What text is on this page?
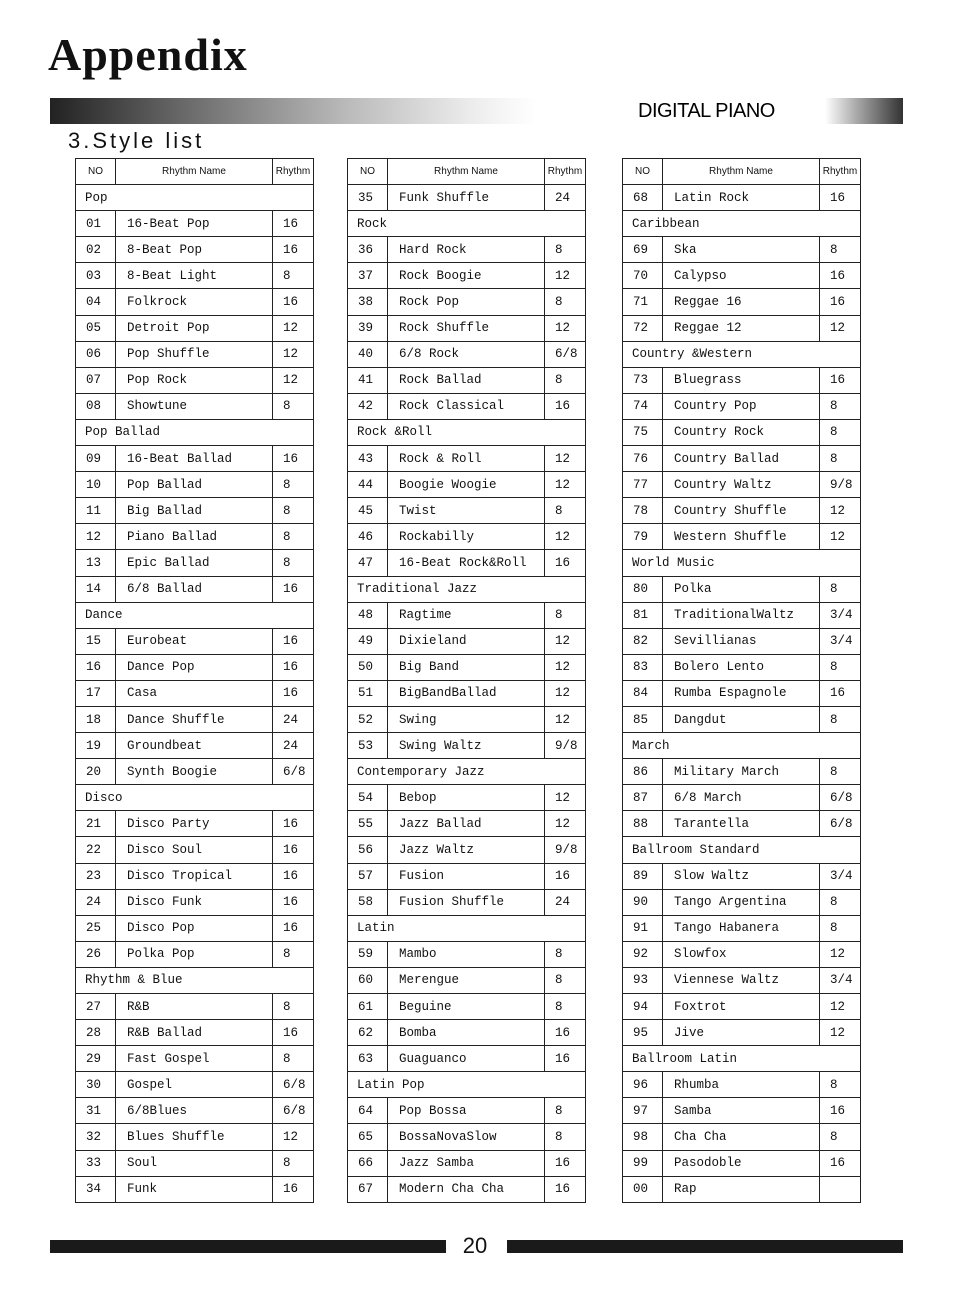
Appendix
DIGITAL PIANO
3.Style list
NO	Rhythm Name	Rhythm
Pop		
01	16-Beat Pop	16
02	8-Beat Pop	16
03	8-Beat Light	8
04	Folkrock	16
05	Detroit Pop	12
06	Pop Shuffle	12
07	Pop Rock	12
08	Showtune	8
Pop Ballad		
09	16-Beat Ballad	16
10	Pop Ballad	8
11	Big Ballad	8
12	Piano Ballad	8
13	Epic Ballad	8
14	6/8 Ballad	16
Dance		
15	Eurobeat	16
16	Dance Pop	16
17	Casa	16
18	Dance Shuffle	24
19	Groundbeat	24
20	Synth Boogie	6/8
Disco		
21	Disco Party	16
22	Disco Soul	16
23	Disco Tropical	16
24	Disco Funk	16
25	Disco Pop	16
26	Polka Pop	8
Rhythm & Blue		
27	R&B	8
28	R&B Ballad	16
29	Fast Gospel	8
30	Gospel	6/8
31	6/8Blues	6/8
32	Blues Shuffle	12
33	Soul	8
34	Funk	16
NO	Rhythm Name	Rhythm
35	Funk Shuffle	24
Rock		
36	Hard Rock	8
37	Rock Boogie	12
38	Rock Pop	8
39	Rock Shuffle	12
40	6/8 Rock	6/8
41	Rock Ballad	8
42	Rock Classical	16
Rock &Roll		
43	Rock & Roll	12
44	Boogie Woogie	12
45	Twist	8
46	Rockabilly	12
47	16-Beat Rock&Roll	16
Traditional Jazz		
48	Ragtime	8
49	Dixieland	12
50	Big Band	12
51	BigBandBallad	12
52	Swing	12
53	Swing Waltz	9/8
Contemporary Jazz		
54	Bebop	12
55	Jazz Ballad	12
56	Jazz Waltz	9/8
57	Fusion	16
58	Fusion Shuffle	24
Latin		
59	Mambo	8
60	Merengue	8
61	Beguine	8
62	Bomba	16
63	Guaguanco	16
Latin Pop		
64	Pop Bossa	8
65	BossaNovaSlow	8
66	Jazz Samba	16
67	Modern Cha Cha	16
NO	Rhythm Name	Rhythm
68	Latin Rock	16
Caribbean		
69	Ska	8
70	Calypso	16
71	Reggae 16	16
72	Reggae 12	12
Country &Western		
73	Bluegrass	16
74	Country Pop	8
75	Country Rock	8
76	Country Ballad	8
77	Country Waltz	9/8
78	Country Shuffle	12
79	Western Shuffle	12
World Music		
80	Polka	8
81	TraditionalWaltz	3/4
82	Sevillianas	3/4
83	Bolero Lento	8
84	Rumba Espagnole	16
85	Dangdut	8
March		
86	Military March	8
87	6/8 March	6/8
88	Tarantella	6/8
Ballroom Standard		
89	Slow Waltz	3/4
90	Tango Argentina	8
91	Tango Habanera	8
92	Slowfox	12
93	Viennese Waltz	3/4
94	Foxtrot	12
95	Jive	12
Ballroom Latin		
96	Rhumba	8
97	Samba	16
98	Cha Cha	8
99	Pasodoble	16
00	Rap	
20
